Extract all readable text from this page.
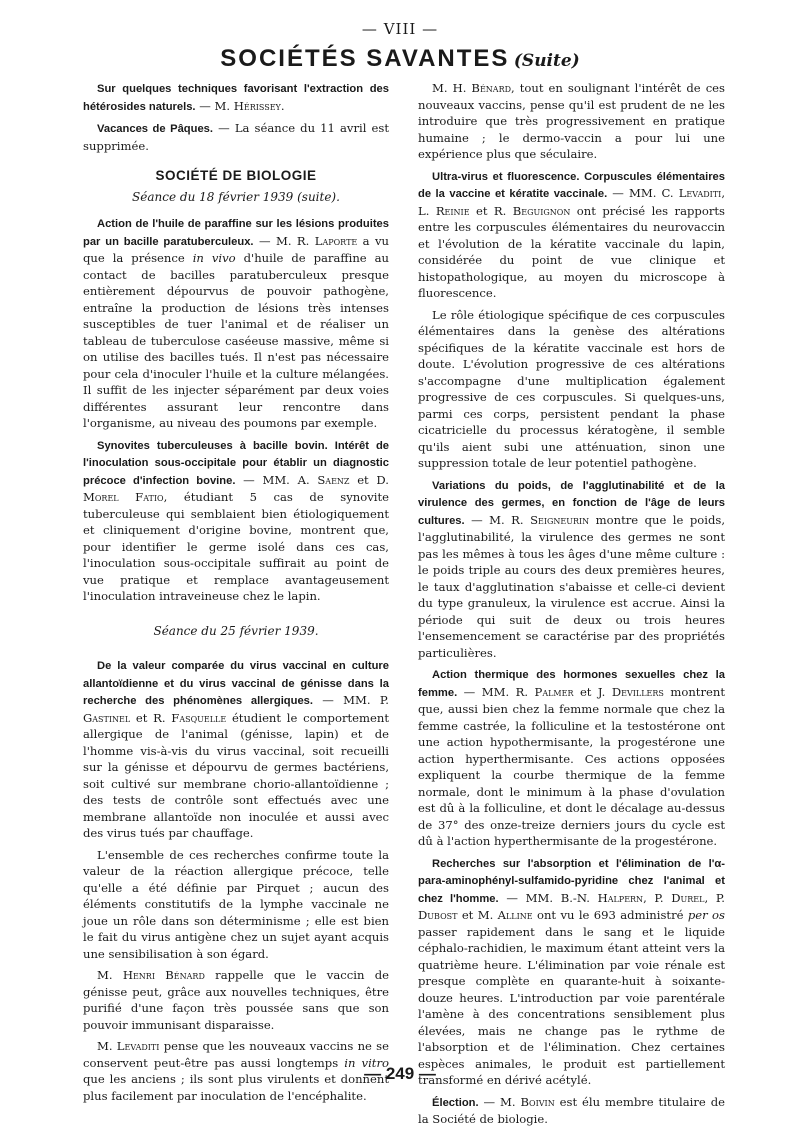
— VIII —
SOCIÉTÉS SAVANTES (Suite)

Sur quelques techniques favorisant l'extraction des hétérosides naturels. — M. Hérissey.

Vacances de Pâques. — La séance du 11 avril est supprimée.

SOCIÉTÉ DE BIOLOGIE
Séance du 18 février 1939 (suite).

Action de l'huile de paraffine sur les lésions produites par un bacille paratuberculeux. — M. R. Laporte a vu que la présence in vivo d'huile de paraffine au contact de bacilles paratuberculeux presque entièrement dépourvus de pouvoir pathogène, entraîne la production de lésions très intenses susceptibles de tuer l'animal et de réaliser un tableau de tuberculose caséeuse massive, même si on utilise des bacilles tués. Il n'est pas nécessaire pour cela d'inoculer l'huile et la culture mélangées. Il suffit de les injecter séparément par deux voies différentes assurant leur rencontre dans l'organisme, au niveau des poumons par exemple.

Synovites tuberculeuses à bacille bovin. Intérêt de l'inoculation sous-occipitale pour établir un diagnostic précoce d'infection bovine. — MM. A. Saenz et D. Morel Fatio, étudiant 5 cas de synovite tuberculeuse qui semblaient bien étiologiquement et cliniquement d'origine bovine, montrent que, pour identifier le germe isolé dans ces cas, l'inoculation sous-occipitale suffirait au point de vue pratique et remplace avantageusement l'inoculation intraveineuse chez le lapin.

Séance du 25 février 1939.

De la valeur comparée du virus vaccinal en culture allantoïdienne et du virus vaccinal de génisse dans la recherche des phénomènes allergiques. — MM. P. Gastinel et R. Fasquelle étudient le comportement allergique de l'animal (génisse, lapin) et de l'homme vis-à-vis du virus vaccinal, soit recueilli sur la génisse et dépourvu de germes bactériens, soit cultivé sur membrane chorio-allantoïdienne ; des tests de contrôle sont effectués avec une membrane allantoïde non inoculée et aussi avec des virus tués par chauffage.

L'ensemble de ces recherches confirme toute la valeur de la réaction allergique précoce, telle qu'elle a été définie par Pirquet ; aucun des éléments constitutifs de la lymphe vaccinale ne joue un rôle dans son déterminisme ; elle est bien le fait du virus antigène chez un sujet ayant acquis une sensibilisation à son égard.

M. Henri Bénard rappelle que le vaccin de génisse peut, grâce aux nouvelles techniques, être purifié d'une façon très poussée sans que son pouvoir immunisant disparaisse.

M. Levaditi pense que les nouveaux vaccins ne se conservent peut-être pas aussi longtemps in vitro que les anciens ; ils sont plus virulents et donnent plus facilement par inoculation de l'encéphalite.

M. H. Bénard, tout en soulignant l'intérêt de ces nouveaux vaccins, pense qu'il est prudent de ne les introduire que très progressivement en pratique humaine ; le dermo-vaccin a pour lui une expérience plus que séculaire.

Ultra-virus et fluorescence. Corpuscules élémentaires de la vaccine et kératite vaccinale. — MM. C. Levaditi, L. Reinie et R. Beguignon ont précisé les rapports entre les corpuscules élémentaires du neurovaccin et l'évolution de la kératite vaccinale du lapin, considérée du point de vue clinique et histopathologique, au moyen du microscope à fluorescence.

Le rôle étiologique spécifique de ces corpuscules élémentaires dans la genèse des altérations spécifiques de la kératite vaccinale est hors de doute. L'évolution progressive de ces altérations s'accompagne d'une multiplication également progressive de ces corpuscules. Si quelques-uns, parmi ces corps, persistent pendant la phase cicatricielle du processus kératogène, il semble qu'ils aient subi une atténuation, sinon une suppression totale de leur potentiel pathogène.

Variations du poids, de l'agglutinabilité et de la virulence des germes, en fonction de l'âge de leurs cultures. — M. R. Seigneurin montre que le poids, l'agglutinabilité, la virulence des germes ne sont pas les mêmes à tous les âges d'une même culture : le poids triple au cours des deux premières heures, le taux d'agglutination s'abaisse et celle-ci devient du type granuleux, la virulence est accrue. Ainsi la période qui suit de deux ou trois heures l'ensemencement se caractérise par des propriétés particulières.

Action thermique des hormones sexuelles chez la femme. — MM. R. Palmer et J. Devillers montrent que, aussi bien chez la femme normale que chez la femme castrée, la folliculine et la testostérone ont une action hypothermisante, la progestérone une action hyperthermisante. Ces actions opposées expliquent la courbe thermique de la femme normale, dont le minimum à la phase d'ovulation est dû à la folliculine, et dont le décalage au-dessus de 37° des onze-treize derniers jours du cycle est dû à l'action hyperthermisante de la progestérone.

Recherches sur l'absorption et l'élimination de l'α-para-aminophényl-sulfamido-pyridine chez l'animal et chez l'homme. — MM. B.-N. Halpern, P. Durel, P. Dubost et M. Alline ont vu le 693 administré per os passer rapidement dans le sang et le liquide céphalo-rachidien, le maximum étant atteint vers la quatrième heure. L'élimination par voie rénale est presque complète en quarante-huit à soixante-douze heures. L'introduction par voie parentérale l'amène à des concentrations sensiblement plus élevées, mais ne change pas le rythme de l'absorption et de l'élimination. Chez certaines espèces animales, le produit est partiellement transformé en dérivé acétylé.

Élection. — M. Boivin est élu membre titulaire de la Société de biologie.

— 249 —
